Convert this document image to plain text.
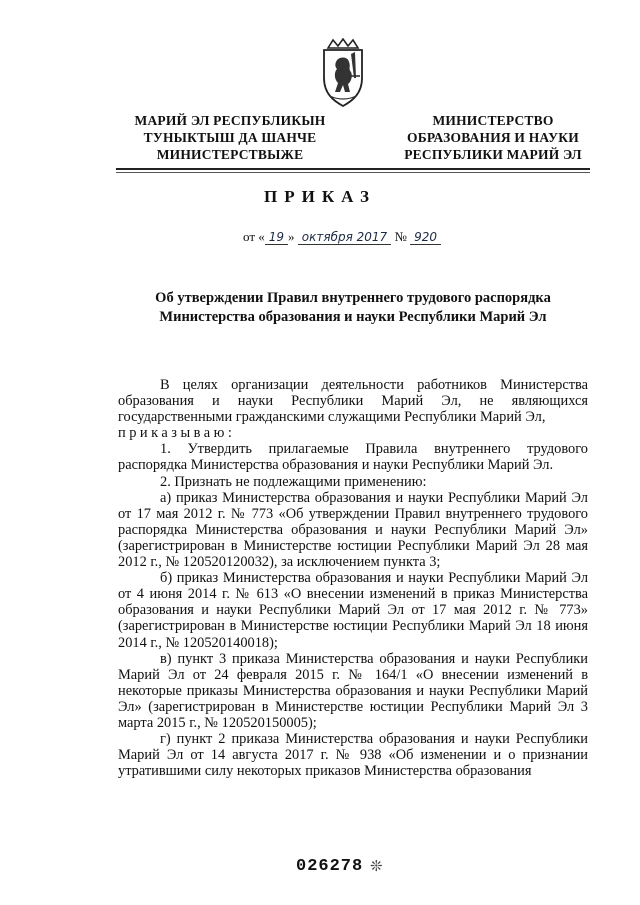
МАРИЙ ЭЛ РЕСПУБЛИКЫН
ТУНЫКТЫШ ДА ШАНЧЕ
МИНИСТЕРСТВЫЖЕ
МИНИСТЕРСТВО
ОБРАЗОВАНИЯ И НАУКИ
РЕСПУБЛИКИ МАРИЙ ЭЛ
ПРИКАЗ
от « 19 » октября 2017 № 920
Об утверждении Правил внутреннего трудового распорядка
Министерства образования и науки Республики Марий Эл

В целях организации деятельности работников Министерства образования и науки Республики Марий Эл, не являющихся государственными гражданскими служащими Республики Марий Эл,

приказываю:

1. Утвердить прилагаемые Правила внутреннего трудового распорядка Министерства образования и науки Республики Марий Эл.

2. Признать не подлежащими применению:

а) приказ Министерства образования и науки Республики Марий Эл от 17 мая 2012 г. № 773 «Об утверждении Правил внутреннего трудового распорядка Министерства образования и науки Республики Марий Эл» (зарегистрирован в Министерстве юстиции Республики Марий Эл 28 мая 2012 г., № 120520120032), за исключением пункта 3;

б) приказ Министерства образования и науки Республики Марий Эл от 4 июня 2014 г. № 613 «О внесении изменений в приказ Министерства образования и науки Республики Марий Эл от 17 мая 2012 г. № 773» (зарегистрирован в Министерстве юстиции Республики Марий Эл 18 июня 2014 г., № 120520140018);

в) пункт 3 приказа Министерства образования и науки Республики Марий Эл от 24 февраля 2015 г. № 164/1 «О внесении изменений в некоторые приказы Министерства образования и науки Республики Марий Эл» (зарегистрирован в Министерстве юстиции Республики Марий Эл 3 марта 2015 г., № 120520150005);

г) пункт 2 приказа Министерства образования и науки Республики Марий Эл от 14 августа 2017 г. № 938 «Об изменении и о признании утратившими силу некоторых приказов Министерства образования

026278 ❊
